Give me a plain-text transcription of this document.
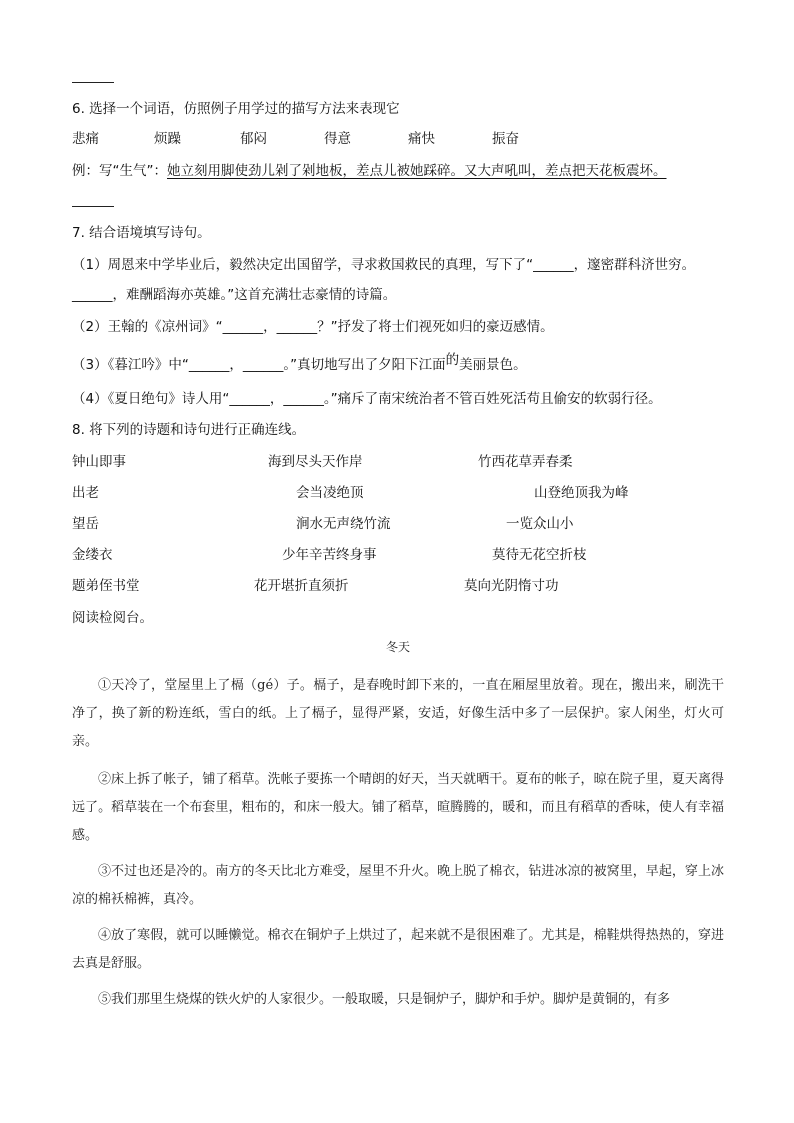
6. 选择一个词语，仿照例子用学过的描写方法来表现它
悲痛	烦躁	郁闷	得意	痛快	振奋
例：写“生气”：她立刻用脚使劲儿剁了剁地板，差点儿被她踩碎。又大声吼叫，差点把天花板震坏。
7. 结合语境填写诗句。
（1）周恩来中学毕业后，毅然决定出国留学，寻求救国救民的真理，写下了“______，邃密群科济世穷。
______，难酬蹈海亦英雄。”这首充满壮志豪情的诗篇。
（2）王翰的《凉州词》“______，______？”抒发了将士们视死如归的豪迈感情。
（3）《暮江吟》中“______，______。”真切地写出了夕阳下江面的美丽景色。
（4）《夏日绝句》诗人用“______，______。”痛斥了南宋统治者不管百姓死活苟且偷安的软弱行径。
8. 将下列的诗题和诗句进行正确连线。
钟山即事	海到尽头天作岸	竹西花草弄春柔
出老	会当凌绝顶	山登绝顶我为峰
望岳	涧水无声绕竹流	一览众山小
金缕衣	少年辛苦终身事	莫待无花空折枝
题弟侄书堂	花开堪折直须折	莫向光阴惰寸功
阅读检阅台。
冬天
①天冷了，堂屋里上了槅（gé）子。槅子，是春晚时卸下来的，一直在厢屋里放着。现在，搬出来，刷洗干净了，换了新的粉连纸，雪白的纸。上了槅子，显得严紧，安适，好像生活中多了一层保护。家人闲坐，灯火可亲。
②床上拆了帐子，铺了稻草。洗帐子要拣一个晴朗的好天，当天就晒干。夏布的帐子，晾在院子里，夏天离得远了。稻草装在一个布套里，粗布的，和床一般大。铺了稻草，暄腾腾的，暖和，而且有稻草的香味，使人有幸福感。
③不过也还是冷的。南方的冬天比北方难受，屋里不升火。晚上脱了棉衣，钻进冰凉的被窝里，早起，穿上冰凉的棉袄棉裤，真冷。
④放了寒假，就可以睡懒觉。棉衣在铜炉子上烘过了，起来就不是很困难了。尤其是，棉鞋烘得热热的，穿进去真是舒服。
⑤我们那里生烧煤的铁火炉的人家很少。一般取暖，只是铜炉子，脚炉和手炉。脚炉是黄铜的，有多
